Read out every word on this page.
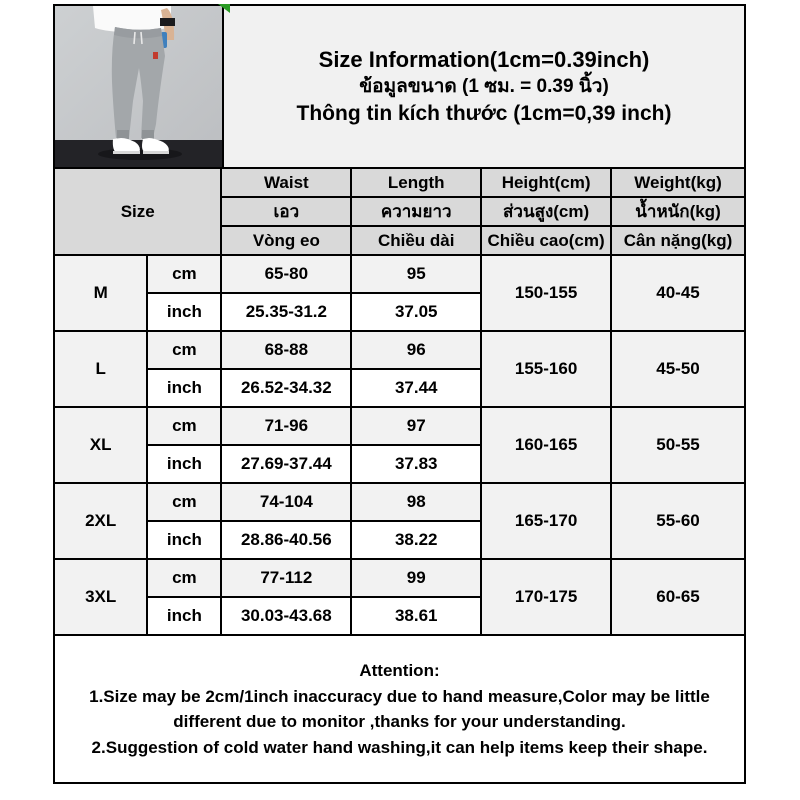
Size Information(1cm=0.39inch)
ข้อมูลขนาด (1 ซม. = 0.39 นิ้ว)
Thông tin kích thước (1cm=0,39 inch)
Size		Waist	Length	Height(cm)	Weight(kg)
		เอว	ความยาว	ส่วนสูง(cm)	น้ำหนัก(kg)
		Vòng eo	Chiều dài	Chiều cao(cm)	Cân nặng(kg)
M	cm	65-80	95	150-155	40-45
	inch	25.35-31.2	37.05		
L	cm	68-88	96	155-160	45-50
	inch	26.52-34.32	37.44		
XL	cm	71-96	97	160-165	50-55
	inch	27.69-37.44	37.83		
2XL	cm	74-104	98	165-170	55-60
	inch	28.86-40.56	38.22		
3XL	cm	77-112	99	170-175	60-65
	inch	30.03-43.68	38.61		

Attention:
1.Size may be 2cm/1inch inaccuracy due to hand measure,Color may be little different due to monitor ,thanks for your understanding.
2.Suggestion of cold water hand washing,it can help items keep their shape.					
